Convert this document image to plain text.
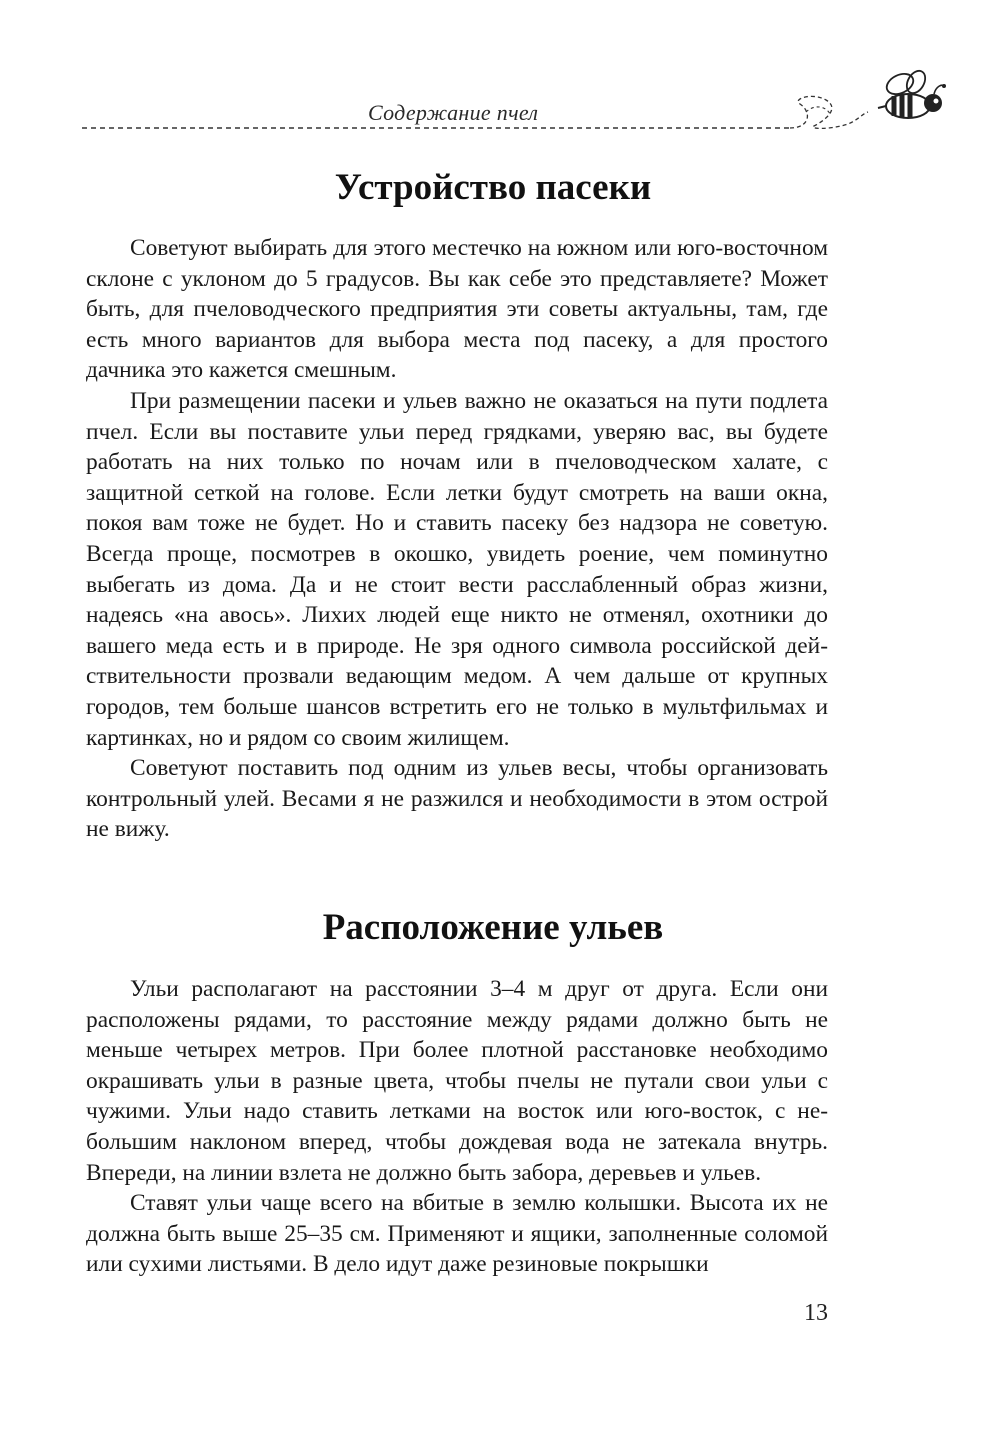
Содержание пчел
Устройство пасеки

Советуют выбирать для этого местечко на южном или юго-восточном склоне с уклоном до 5 градусов. Вы как себе это представляете? Может быть, для пчеловодческого предприятия эти советы актуальны, там, где есть много вариантов для выбора места под пасеку, а для простого дачника это кажется смешным.

При размещении пасеки и ульев важно не оказаться на пути подлета пчел. Если вы поставите ульи перед грядками, уверяю вас, вы будете работать на них только по ночам или в пчеловодческом халате, с защитной сеткой на голове. Если летки будут смотреть на ваши окна, покоя вам тоже не будет. Но и ставить пасеку без надзора не советую. Всегда проще, посмотрев в окошко, увидеть роение, чем поминутно выбегать из дома. Да и не стоит вести расслабленный образ жизни, надеясь «на авось». Лихих людей еще никто не отменял, охотники до вашего меда есть и в природе. Не зря одного символа российской действительности прозвали ведающим медом. А чем дальше от крупных городов, тем больше шансов встретить его не только в мультфильмах и картинках, но и рядом со своим жилищем.

Советуют поставить под одним из ульев весы, чтобы организовать контрольный улей. Весами я не разжился и необходимости в этом острой не вижу.

Расположение ульев

Ульи располагают на расстоянии 3–4 м друг от друга. Если они расположены рядами, то расстояние между рядами должно быть не меньше четырех метров. При более плотной расстановке необходимо окрашивать ульи в разные цвета, чтобы пчелы не путали свои ульи с чужими. Ульи надо ставить летками на восток или юго-восток, с небольшим наклоном вперед, чтобы дождевая вода не затекала внутрь. Впереди, на линии взлета не должно быть забора, деревьев и ульев.

Ставят ульи чаще всего на вбитые в землю колышки. Высота их не должна быть выше 25–35 см. Применяют и ящики, заполненные соломой или сухими листьями. В дело идут даже резиновые покрышки

13
